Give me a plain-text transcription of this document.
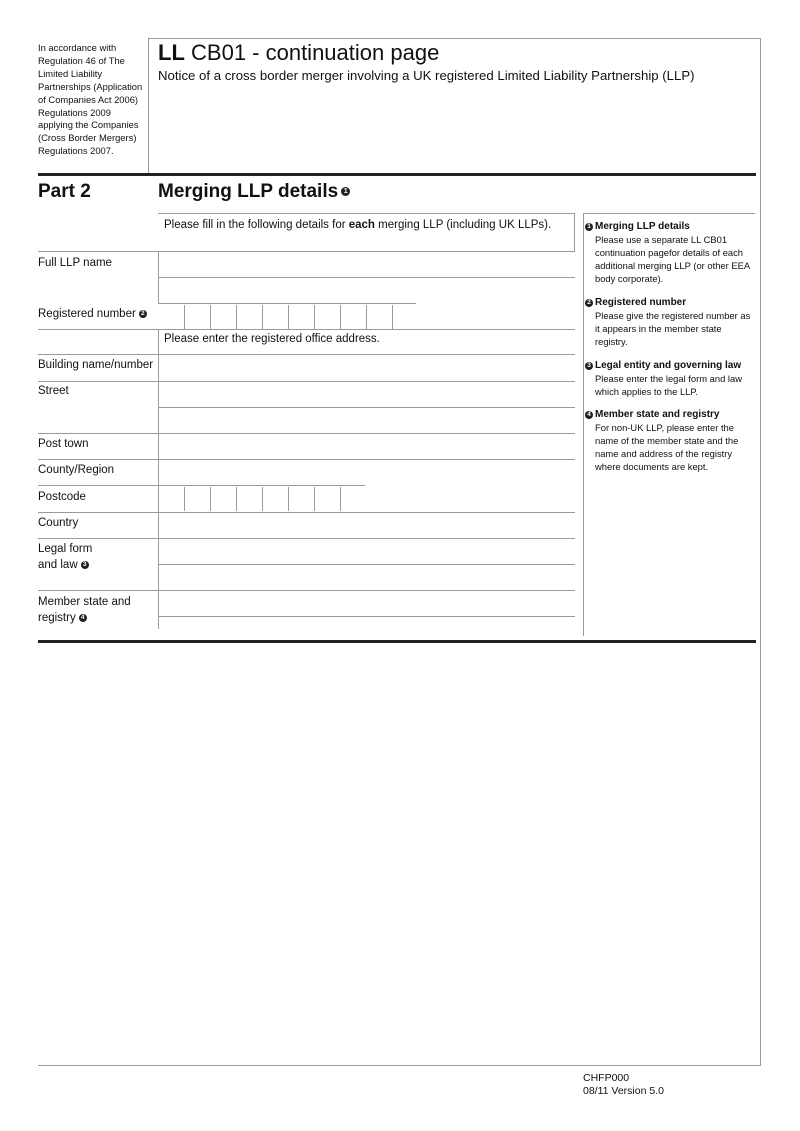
In accordance with Regulation 46 of The Limited Liability Partnerships (Application of Companies Act 2006) Regulations 2009 applying the Companies (Cross Border Mergers) Regulations 2007.
LL CB01 - continuation page
Notice of a cross border merger involving a UK registered Limited Liability Partnership (LLP)
Part 2	Merging LLP details 1
Please fill in the following details for each merging LLP (including UK LLPs).
Full LLP name
Registered number 2
Please enter the registered office address.
Building name/number
Street
Post town
County/Region
Postcode
Country
Legal form
and law 3
Member state and
registry 4
1 Merging LLP details
Please use a separate LL CB01 continuation pagefor details of each additional merging LLP (or other EEA body corporate).
2 Registered number
Please give the registered number as it appears in the member state registry.
3 Legal entity and governing law
Please enter the legal form and law which applies to the LLP.
4 Member state and registry
For non-UK LLP, please enter the name of the member state and the name and address of the registry where documents are kept.
CHFP000
08/11 Version 5.0
